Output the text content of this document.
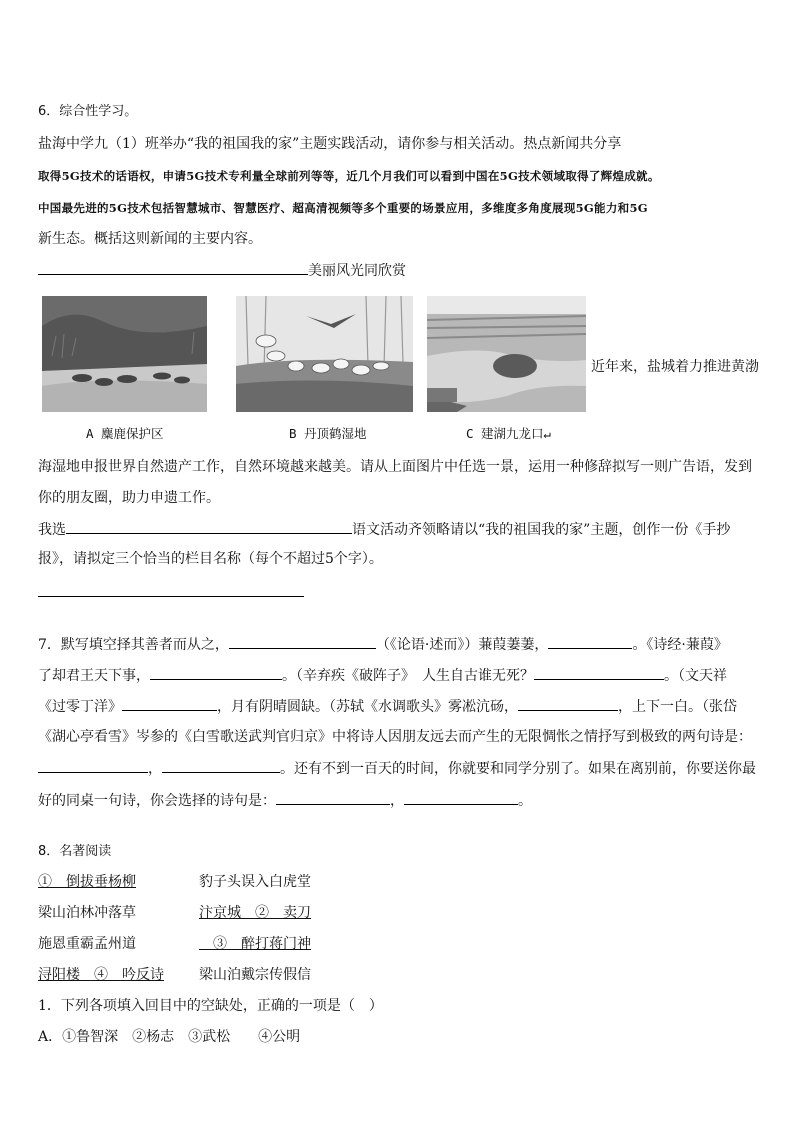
6．综合性学习。
盐海中学九（1）班举办“我的祖国我的家”主题实践活动，请你参与相关活动。热点新闻共分享
取得5G技术的话语权，申请5G技术专利量全球前列等等，近几个月我们可以看到中国在5G技术领域取得了辉煌成就。
中国最先进的5G技术包括智慧城市、智慧医疗、超高清视频等多个重要的场景应用，多维度多角度展现5G能力和5G
新生态。概括这则新闻的主要内容。
美丽风光同欣赏
近年来，盐城着力推进黄渤
A 麋鹿保护区	B 丹顶鹤湿地	C 建湖九龙口↵
海湿地申报世界自然遗产工作，自然环境越来越美。请从上面图片中任选一景，运用一种修辞拟写一则广告语，发到
你的朋友圈，助力申遗工作。
我选	语文活动齐领略请以“我的祖国我的家”主题，创作一份《手抄
报》，请拟定三个恰当的栏目名称（每个不超过5个字）。
7．默写填空择其善者而从之，	（《论语·述而》）蒹葭萋萋，	。《诗经·蒹葭》
了却君王天下事，	。（辛弃疾《破阵子》　人生自古谁无死？	。（文天祥
《过零丁洋》	，月有阴晴圆缺。（苏轼《水调歌头》雾凇沆砀，	，上下一白。（张岱
《湖心亭看雪》岑参的《白雪歌送武判官归京》中将诗人因朋友远去而产生的无限惆怅之情抒写到极致的两句诗是：
，	。还有不到一百天的时间，你就要和同学分别了。如果在离别前，你要送你最
好的同桌一句诗，你会选择的诗句是：	，	。
8．名著阅读
①　倒拔垂杨柳	豹子头误入白虎堂
梁山泊林冲落草	汴京城　②　卖刀
施恩重霸孟州道	　③　醉打蒋门神
浔阳楼　④　吟反诗	梁山泊戴宗传假信
1．下列各项填入回目中的空缺处，正确的一项是（　）
A．①鲁智深　②杨志　③武松　　④公明
